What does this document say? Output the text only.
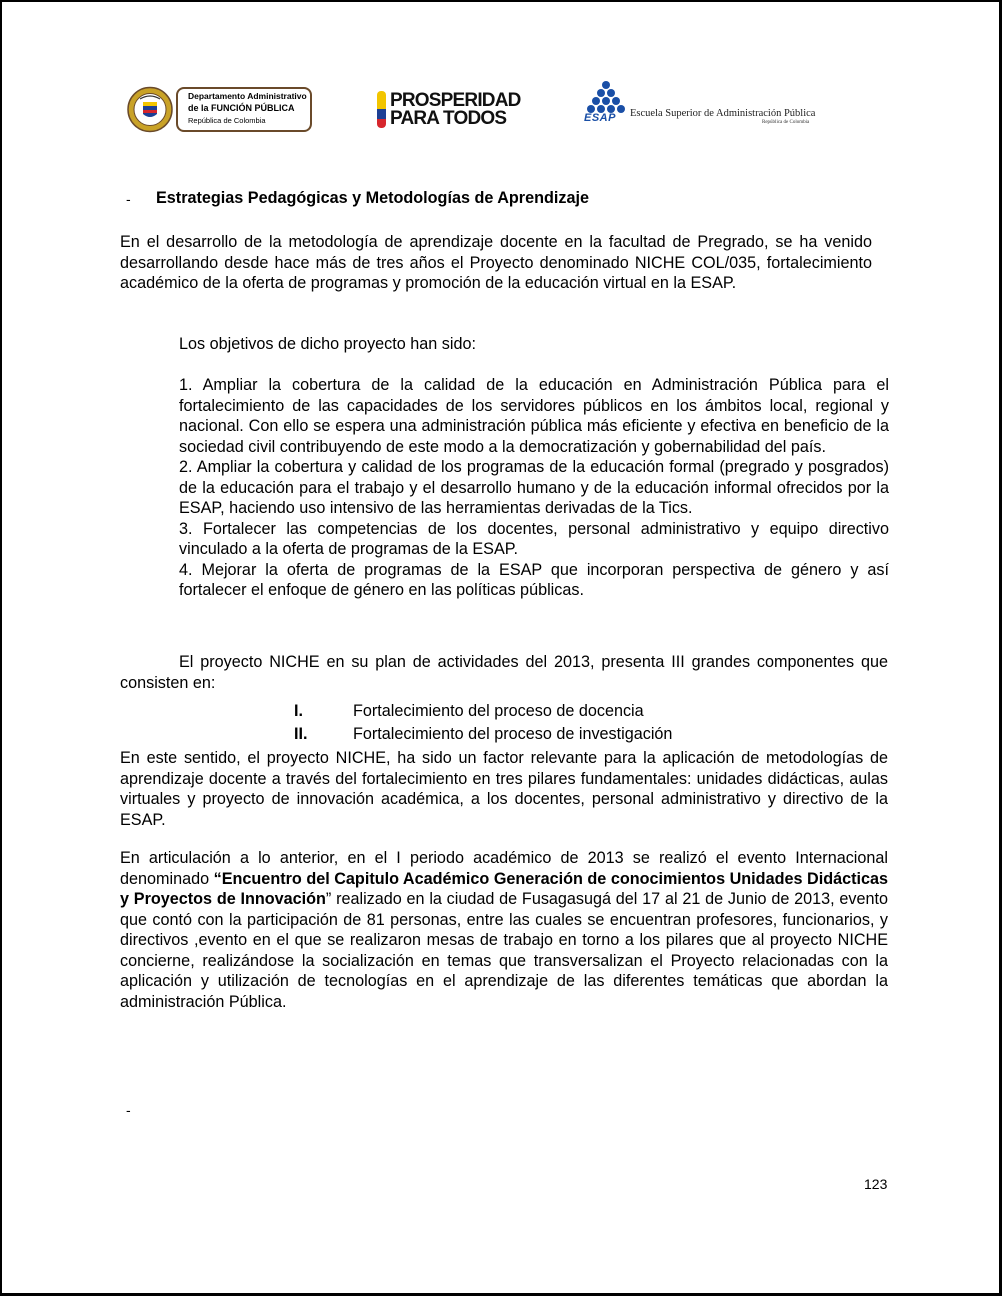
Departamento Administrativo
de la FUNCIÓN PÚBLICA
República de Colombia
PROSPERIDAD
PARA TODOS	ESAP Escuela Superior de Administración Pública
República de Colombia
- Estrategias Pedagógicas y Metodologías de Aprendizaje
En el desarrollo de la metodología de aprendizaje docente en la facultad de Pregrado, se ha venido desarrollando desde hace más de tres años el Proyecto denominado NICHE COL/035, fortalecimiento académico de la oferta de programas y promoción de la educación virtual en la ESAP.
Los objetivos de dicho proyecto han sido:
1. Ampliar la cobertura de la calidad de la educación en Administración Pública para el fortalecimiento de las capacidades de los servidores públicos en los ámbitos local, regional y nacional. Con ello se espera una administración pública más eficiente y efectiva en beneficio de la sociedad civil contribuyendo de este modo a la democratización y gobernabilidad del país.
2. Ampliar la cobertura y calidad de los programas de la educación formal (pregrado y posgrados) de la educación para el trabajo y el desarrollo humano y de la educación informal ofrecidos por la ESAP, haciendo uso intensivo de las herramientas derivadas de la Tics.
3. Fortalecer las competencias de los docentes, personal administrativo y equipo directivo vinculado a la oferta de programas de la ESAP.
4. Mejorar la oferta de programas de la ESAP que incorporan perspectiva de género y así fortalecer el enfoque de género en las políticas públicas.
El proyecto NICHE en su plan de actividades del 2013, presenta III grandes componentes que consisten en:
I.	Fortalecimiento del proceso de docencia
II.	Fortalecimiento del proceso de investigación
En este sentido, el proyecto NICHE, ha sido un factor relevante para la aplicación de metodologías de aprendizaje docente a través del fortalecimiento en tres pilares fundamentales: unidades didácticas, aulas virtuales y proyecto de innovación académica, a los docentes, personal administrativo y directivo de la ESAP.
En articulación a lo anterior, en el I periodo académico de 2013 se realizó el evento Internacional denominado “Encuentro del Capitulo Académico Generación de conocimientos Unidades Didácticas y Proyectos de Innovación” realizado en la ciudad de Fusagasugá del 17 al 21 de Junio de 2013, evento que contó con la participación de 81 personas, entre las cuales se encuentran profesores, funcionarios, y directivos ,evento en el que se realizaron mesas de trabajo en torno a los pilares que al proyecto NICHE concierne, realizándose la socialización en temas que transversalizan el Proyecto relacionadas con la aplicación y utilización de tecnologías en el aprendizaje de las diferentes temáticas que abordan la administración Pública.
-
123
